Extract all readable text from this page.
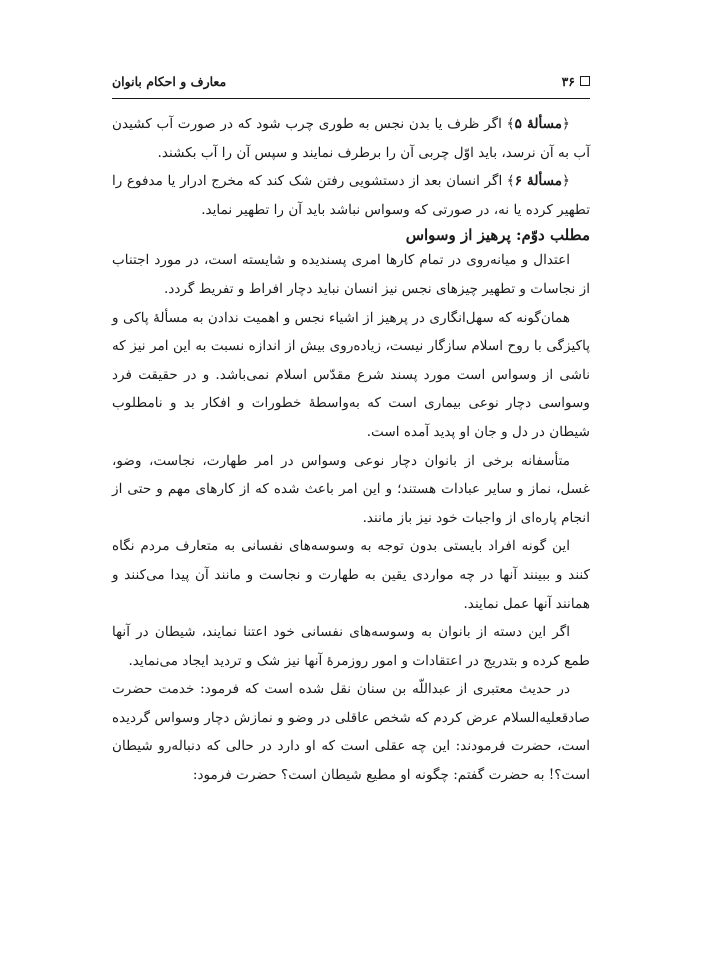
۳۶
معارف و احکام بانوان

﴿مسألهٔ ۵﴾ اگر ظرف یا بدن نجس به طوری چرب شود که در صورت آب کشیدن آب به آن نرسد، باید اوّل چربی آن را برطرف نمایند و سپس آن را آب بکشند.

﴿مسألهٔ ۶﴾ اگر انسان بعد از دستشویی رفتن شک کند که مخرج ادرار یا مدفوع را تطهیر کرده یا نه، در صورتی که وسواس نباشد باید آن را تطهیر نماید.

مطلب دوّم: پرهیز از وسواس

اعتدال و میانه‌روی در تمام کارها امری پسندیده و شایسته است، در مورد اجتناب از نجاسات و تطهیر چیزهای نجس نیز انسان نباید دچار افراط و تفریط گردد.

همان‌گونه که سهل‌انگاری در پرهیز از اشیاء نجس و اهمیت ندادن به مسألهٔ پاکی و پاکیزگی با روح اسلام سازگار نیست، زیاده‌روی بیش از اندازه نسبت به این امر نیز که ناشی از وسواس است مورد پسند شرع مقدّس اسلام نمی‌باشد. و در حقیقت فرد وسواسی دچار نوعی بیماری است که به‌واسطهٔ خطورات و افکار بد و نامطلوب شیطان در دل و جان او پدید آمده است.

متأسفانه برخی از بانوان دچار نوعی وسواس در امر طهارت، نجاست، وضو، غسل، نماز و سایر عبادات هستند؛ و این امر باعث شده که از کارهای مهم و حتی از انجام پاره‌ای از واجبات خود نیز باز مانند.

این گونه افراد بایستی بدون توجه به وسوسه‌های نفسانی به متعارف مردم نگاه کنند و ببینند آنها در چه مواردی یقین به طهارت و نجاست و مانند آن پیدا می‌کنند و همانند آنها عمل نمایند.

اگر این دسته از بانوان به وسوسه‌های نفسانی خود اعتنا نمایند، شیطان در آنها طمع کرده و بتدریج در اعتقادات و امور روزمرهٔ آنها نیز شک و تردید ایجاد می‌نماید.

در حدیث معتبری از عبداللّه بن سنان نقل شده است که فرمود: خدمت حضرت صادقعليه‌السلام عرض کردم که شخص عاقلی در وضو و نمازش دچار وسواس گردیده است، حضرت فرمودند: این چه عقلی است که او دارد در حالی که دنباله‌رو شیطان است؟! به حضرت گفتم: چگونه او مطیع شیطان است؟ حضرت فرمود:
